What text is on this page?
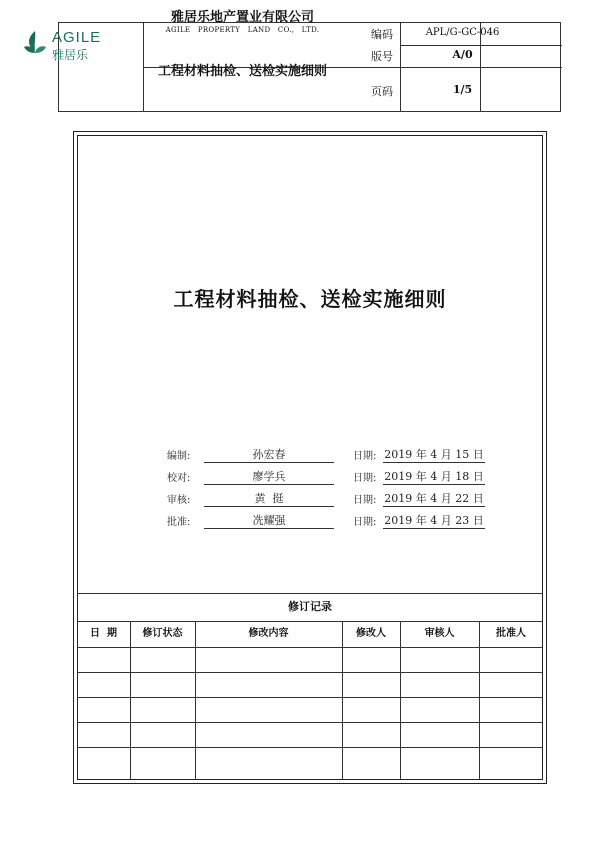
AGILE
雅居乐
雅居乐地产置业有限公司
AGILE PROPERTY LAND CO., LTD.
工程材料抽检、送检实施细则
编码	APL/G-GC-046
版号	A/0
页码	1/5
工程材料抽检、送检实施细则
编制:	孙宏春	日期: 2019 年 4 月 15 日
校对:	廖学兵	日期: 2019 年 4 月 18 日
审核:	黄  挺	日期: 2019 年 4 月 22 日
批准:	冼耀强	日期: 2019 年 4 月 23 日
修订记录
日  期	修订状态	修改内容	修改人	审核人	批准人
